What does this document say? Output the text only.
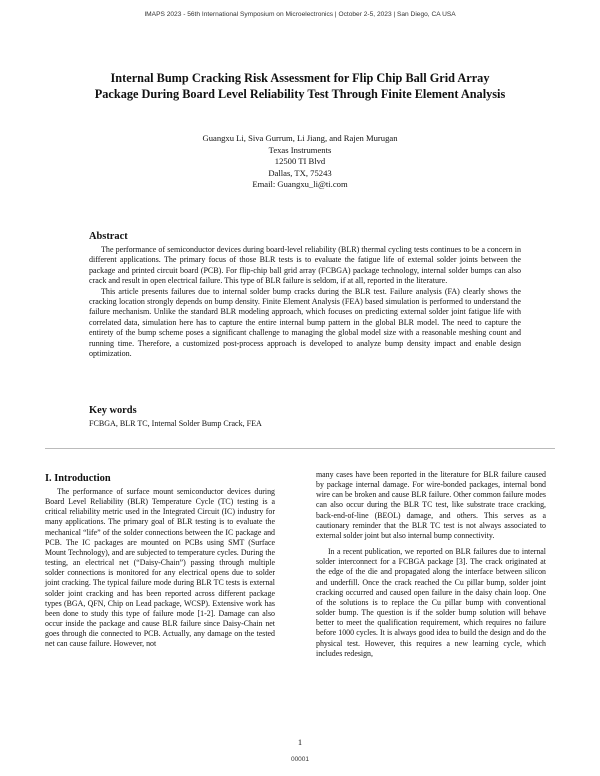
IMAPS 2023 - 56th International Symposium on Microelectronics | October 2-5, 2023 | San Diego, CA USA
Internal Bump Cracking Risk Assessment for Flip Chip Ball Grid Array Package During Board Level Reliability Test Through Finite Element Analysis
Guangxu Li, Siva Gurrum, Li Jiang, and Rajen Murugan
Texas Instruments
12500 TI Blvd
Dallas, TX, 75243
Email: Guangxu_li@ti.com
Abstract

The performance of semiconductor devices during board-level reliability (BLR) thermal cycling tests continues to be a concern in different applications. The primary focus of those BLR tests is to evaluate the fatigue life of external solder joints between the package and printed circuit board (PCB). For flip-chip ball grid array (FCBGA) package technology, internal solder bumps can also crack and result in open electrical failure. This type of BLR failure is seldom, if at all, reported in the literature.

This article presents failures due to internal solder bump cracks during the BLR test. Failure analysis (FA) clearly shows the cracking location strongly depends on bump density. Finite Element Analysis (FEA) based simulation is performed to understand the failure mechanism. Unlike the standard BLR modeling approach, which focuses on predicting external solder joint fatigue life with correlated data, simulation here has to capture the entire internal bump pattern in the global BLR model. The need to capture the entirety of the bump scheme poses a significant challenge to managing the global model size with a reasonable meshing count and running time. Therefore, a customized post-process approach is developed to analyze bump density impact and enable design optimization.

Key words

FCBGA, BLR TC, Internal Solder Bump Crack, FEA

I. Introduction

The performance of surface mount semiconductor devices during Board Level Reliability (BLR) Temperature Cycle (TC) testing is a critical reliability metric used in the Integrated Circuit (IC) industry for many applications. The primary goal of BLR testing is to evaluate the mechanical “life” of the solder connections between the IC package and PCB. The IC packages are mounted on PCBs using SMT (Surface Mount Technology), and are subjected to temperature cycles. During the testing, an electrical net (“Daisy-Chain”) passing through multiple solder connections is monitored for any electrical opens due to solder joint cracking. The typical failure mode during BLR TC tests is external solder joint cracking and has been reported across different package types (BGA, QFN, Chip on Lead package, WCSP). Extensive work has been done to study this type of failure mode [1-2]. Damage can also occur inside the package and cause BLR failure since Daisy-Chain net goes through die connected to PCB. Actually, any damage on the tested net can cause failure. However, not

many cases have been reported in the literature for BLR failure caused by package internal damage. For wire-bonded packages, internal bond wire can be broken and cause BLR failure. Other common failure modes can also occur during the BLR TC test, like substrate trace cracking, back-end-of-line (BEOL) damage, and others. This serves as a cautionary reminder that the BLR TC test is not always associated to external solder joint but also internal bump connectivity.

In a recent publication, we reported on BLR failures due to internal solder interconnect for a FCBGA package [3]. The crack originated at the edge of the die and propagated along the interface between silicon and underfill. Once the crack reached the Cu pillar bump, solder joint cracking occurred and caused open failure in the daisy chain loop. One of the solutions is to replace the Cu pillar bump with conventional solder bump. The question is if the solder bump solution will behave better to meet the qualification requirement, which requires no failure before 1000 cycles. It is always good idea to build the design and do the physical test. However, this requires a new learning cycle, which includes redesign,

1
00001
